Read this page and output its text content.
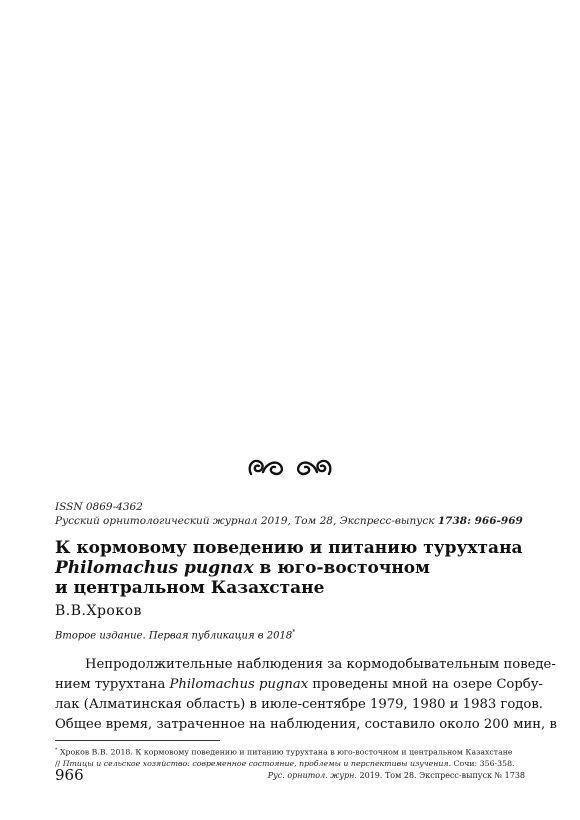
ISSN 0869-4362
Русский орнитологический журнал 2019, Том 28, Экспресс-выпуск 1738: 966-969
К кормовому поведению и питанию турухтана
Philomachus pugnax в юго-восточном
и центральном Казахстане
В.В.Хроков
Второе издание. Первая публикация в 2018*
Непродолжительные наблюдения за кормодобывательным поведе-
нием турухтана Philomachus pugnax проведены мной на озере Сорбу-
лак (Алматинская область) в июле-сентябре 1979, 1980 и 1983 годов.
Общее время, затраченное на наблюдения, составило около 200 мин, в
* Хроков В.В. 2018. К кормовому поведению и питанию турухтана в юго-восточном и центральном Казахстане
// Птицы и сельское хозяйство: современное состояние, проблемы и перспективы изучения. Сочи: 356-358.
966	Рус. орнитол. журн. 2019. Том 28. Экспресс-выпуск № 1738
